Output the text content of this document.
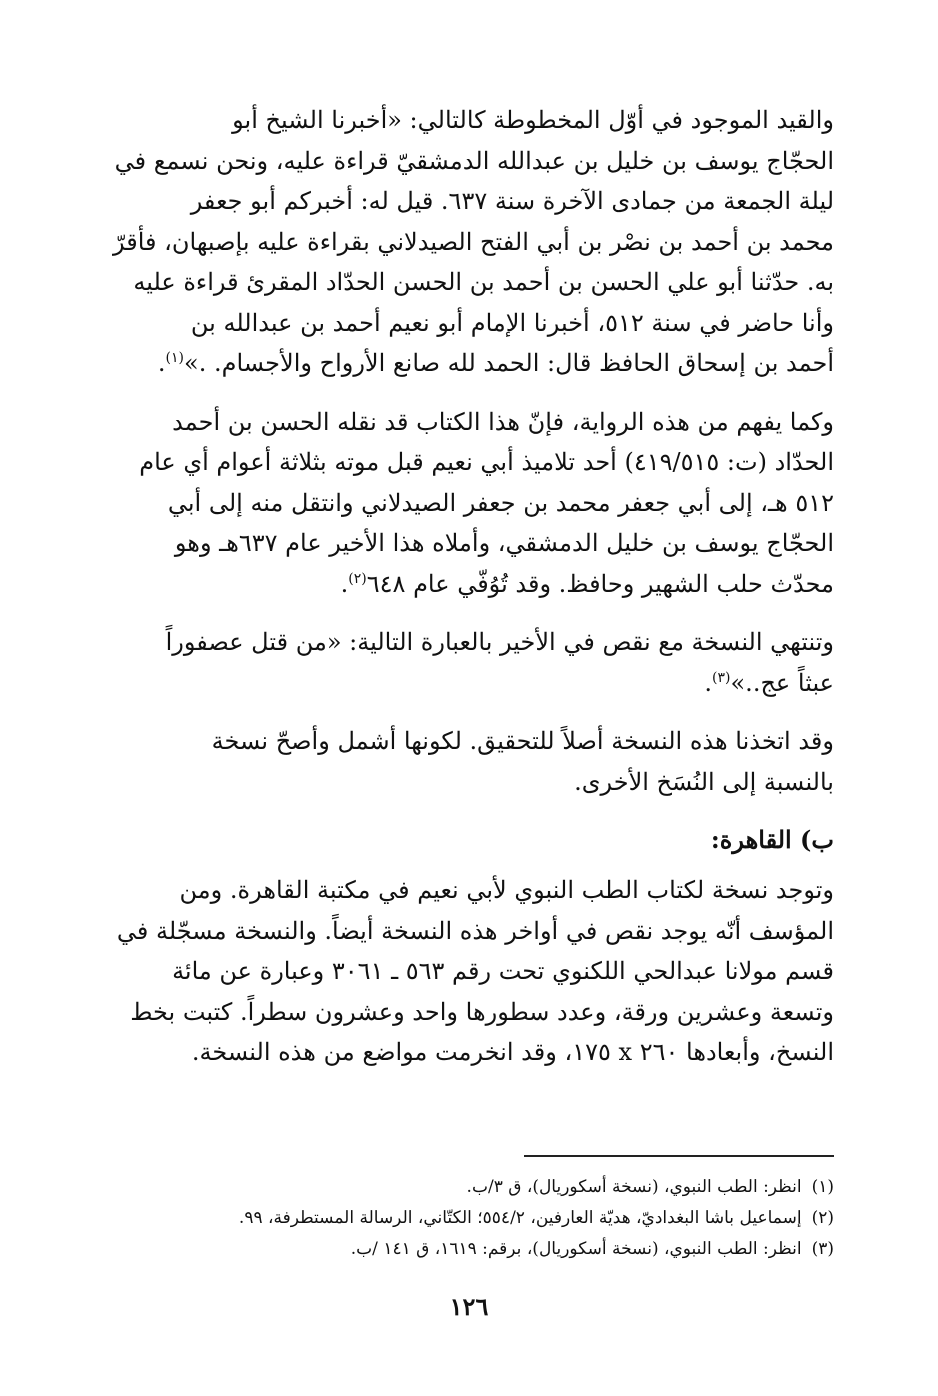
والقيد الموجود في أوّل المخطوطة كالتالي: «أخبرنا الشيخ أبو
الحجّاج يوسف بن خليل بن عبدالله الدمشقيّ قراءة عليه، ونحن نسمع في
ليلة الجمعة من جمادى الآخرة سنة ٦٣٧. قيل له: أخبركم أبو جعفر
محمد بن أحمد بن نصْر بن أبي الفتح الصيدلاني بقراءة عليه بإصبهان، فأقرّ
به. حدّثنا أبو علي الحسن بن أحمد بن الحسن الحدّاد المقرئ قراءة عليه
وأنا حاضر في سنة ٥١٢، أخبرنا الإمام أبو نعيم أحمد بن عبدالله بن
أحمد بن إسحاق الحافظ قال: الحمد لله صانع الأرواح والأجسام. .»$^{(١)}$.
وكما يفهم من هذه الرواية، فإنّ هذا الكتاب قد نقله الحسن بن أحمد
الحدّاد (ت: ٤١٩/٥١٥) أحد تلاميذ أبي نعيم قبل موته بثلاثة أعوام أي عام
٥١٢ هـ، إلى أبي جعفر محمد بن جعفر الصيدلاني وانتقل منه إلى أبي
الحجّاج يوسف بن خليل الدمشقي، وأملاه هذا الأخير عام ٦٣٧هـ وهو
محدّث حلب الشهير وحافظ. وقد تُوُفّي عام ٦٤٨$^{(٢)}$.
وتنتهي النسخة مع نقص في الأخير بالعبارة التالية: «من قتل عصفوراً
عبثاً عج..»$^{(٣)}$.
وقد اتخذنا هذه النسخة أصلاً للتحقيق. لكونها أشمل وأصحّ نسخة
بالنسبة إلى النُسَخ الأخرى.
ب) القاهرة:
وتوجد نسخة لكتاب الطب النبوي لأبي نعيم في مكتبة القاهرة. ومن
المؤسف أنّه يوجد نقص في أواخر هذه النسخة أيضاً. والنسخة مسجّلة في
قسم مولانا عبدالحي اللكنوي تحت رقم ٥٦٣ ـ ٣٠٦١ وعبارة عن مائة
وتسعة وعشرين ورقة، وعدد سطورها واحد وعشرون سطراً. كتبت بخط
النسخ، وأبعادها ٢٦٠ x ١٧٥، وقد انخرمت مواضع من هذه النسخة.
(١)
انظر: الطب النبوي، (نسخة أسكوريال)، ق ٣/ب.
(٢)
إسماعيل باشا البغداديّ، هديّة العارفين، ٥٥٤/٢؛ الكتّاني، الرسالة المستطرفة، ٩٩.
(٣)
انظر: الطب النبوي، (نسخة أسكوريال)، برقم: ١٦١٩، ق ١٤١ /ب.
١٢٦
